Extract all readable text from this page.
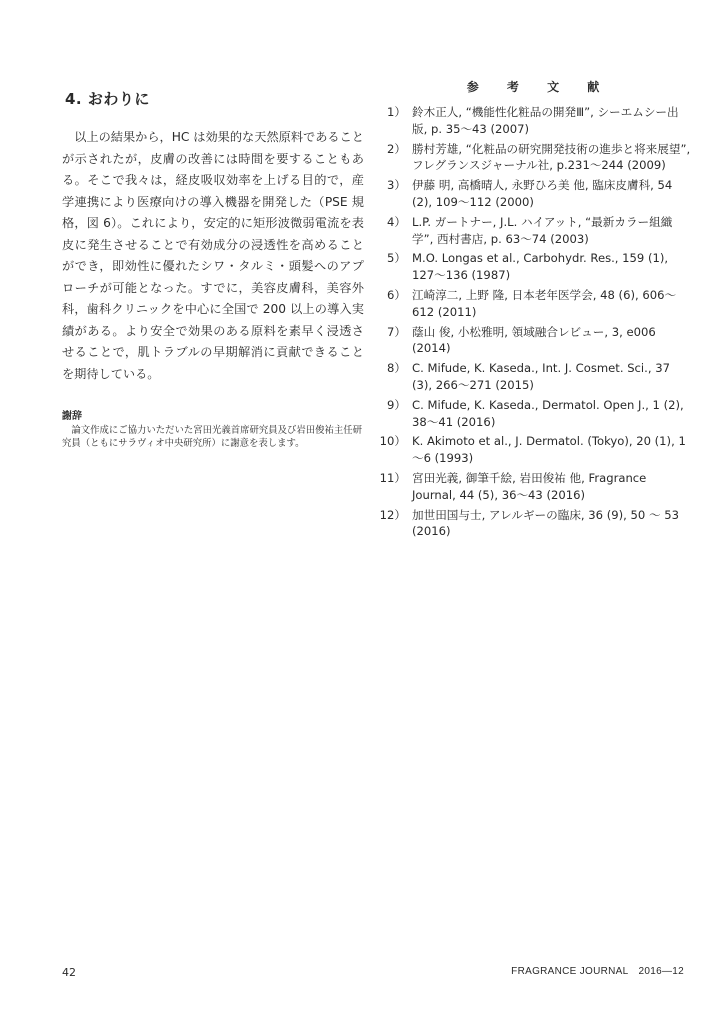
4. おわりに

以上の結果から，HC は効果的な天然原料であることが示されたが，皮膚の改善には時間を要することもある。そこで我々は，経皮吸収効率を上げる目的で，産学連携により医療向けの導入機器を開発した（PSE 規格，図 6）。これにより，安定的に矩形波微弱電流を表皮に発生させることで有効成分の浸透性を高めることができ，即効性に優れたシワ・タルミ・頭髪へのアプローチが可能となった。すでに，美容皮膚科，美容外科，歯科クリニックを中心に全国で 200 以上の導入実績がある。より安全で効果のある原料を素早く浸透させることで，肌トラブルの早期解消に貢献できることを期待している。

謝辞

論文作成にご協力いただいた宮田光義首席研究員及び岩田俊祐主任研究員（ともにサラヴィオ中央研究所）に謝意を表します。

参 考 文 献
1） 鈴木正人, “機能性化粧品の開発Ⅲ”, シーエムシー出版, p. 35～43 (2007)
2） 勝村芳雄, “化粧品の研究開発技術の進歩と将来展望”, フレグランスジャーナル社, p.231～244 (2009)
3） 伊藤 明, 高橋晴人, 永野ひろ美 他, 臨床皮膚科, 54 (2), 109～112 (2000)
4） L.P. ガートナー, J.L. ハイアット, “最新カラー組織学”, 西村書店, p. 63～74 (2003)
5） M.O. Longas et al., Carbohydr. Res., 159 (1), 127～136 (1987)
6） 江崎淳二, 上野 隆, 日本老年医学会, 48 (6), 606～612 (2011)
7） 蔭山 俊, 小松雅明, 領域融合レビュー, 3, e006 (2014)
8） C. Mifude, K. Kaseda., Int. J. Cosmet. Sci., 37 (3), 266～271 (2015)
9） C. Mifude, K. Kaseda., Dermatol. Open J., 1 (2), 38～41 (2016)
10） K. Akimoto et al., J. Dermatol. (Tokyo), 20 (1), 1～6 (1993)
11） 宮田光義, 御筆千絵, 岩田俊祐 他, Fragrance Journal, 44 (5), 36～43 (2016)
12） 加世田国与士, アレルギーの臨床, 36 (9), 50 ～ 53 (2016)
42	FRAGRANCE JOURNAL 2016—12
